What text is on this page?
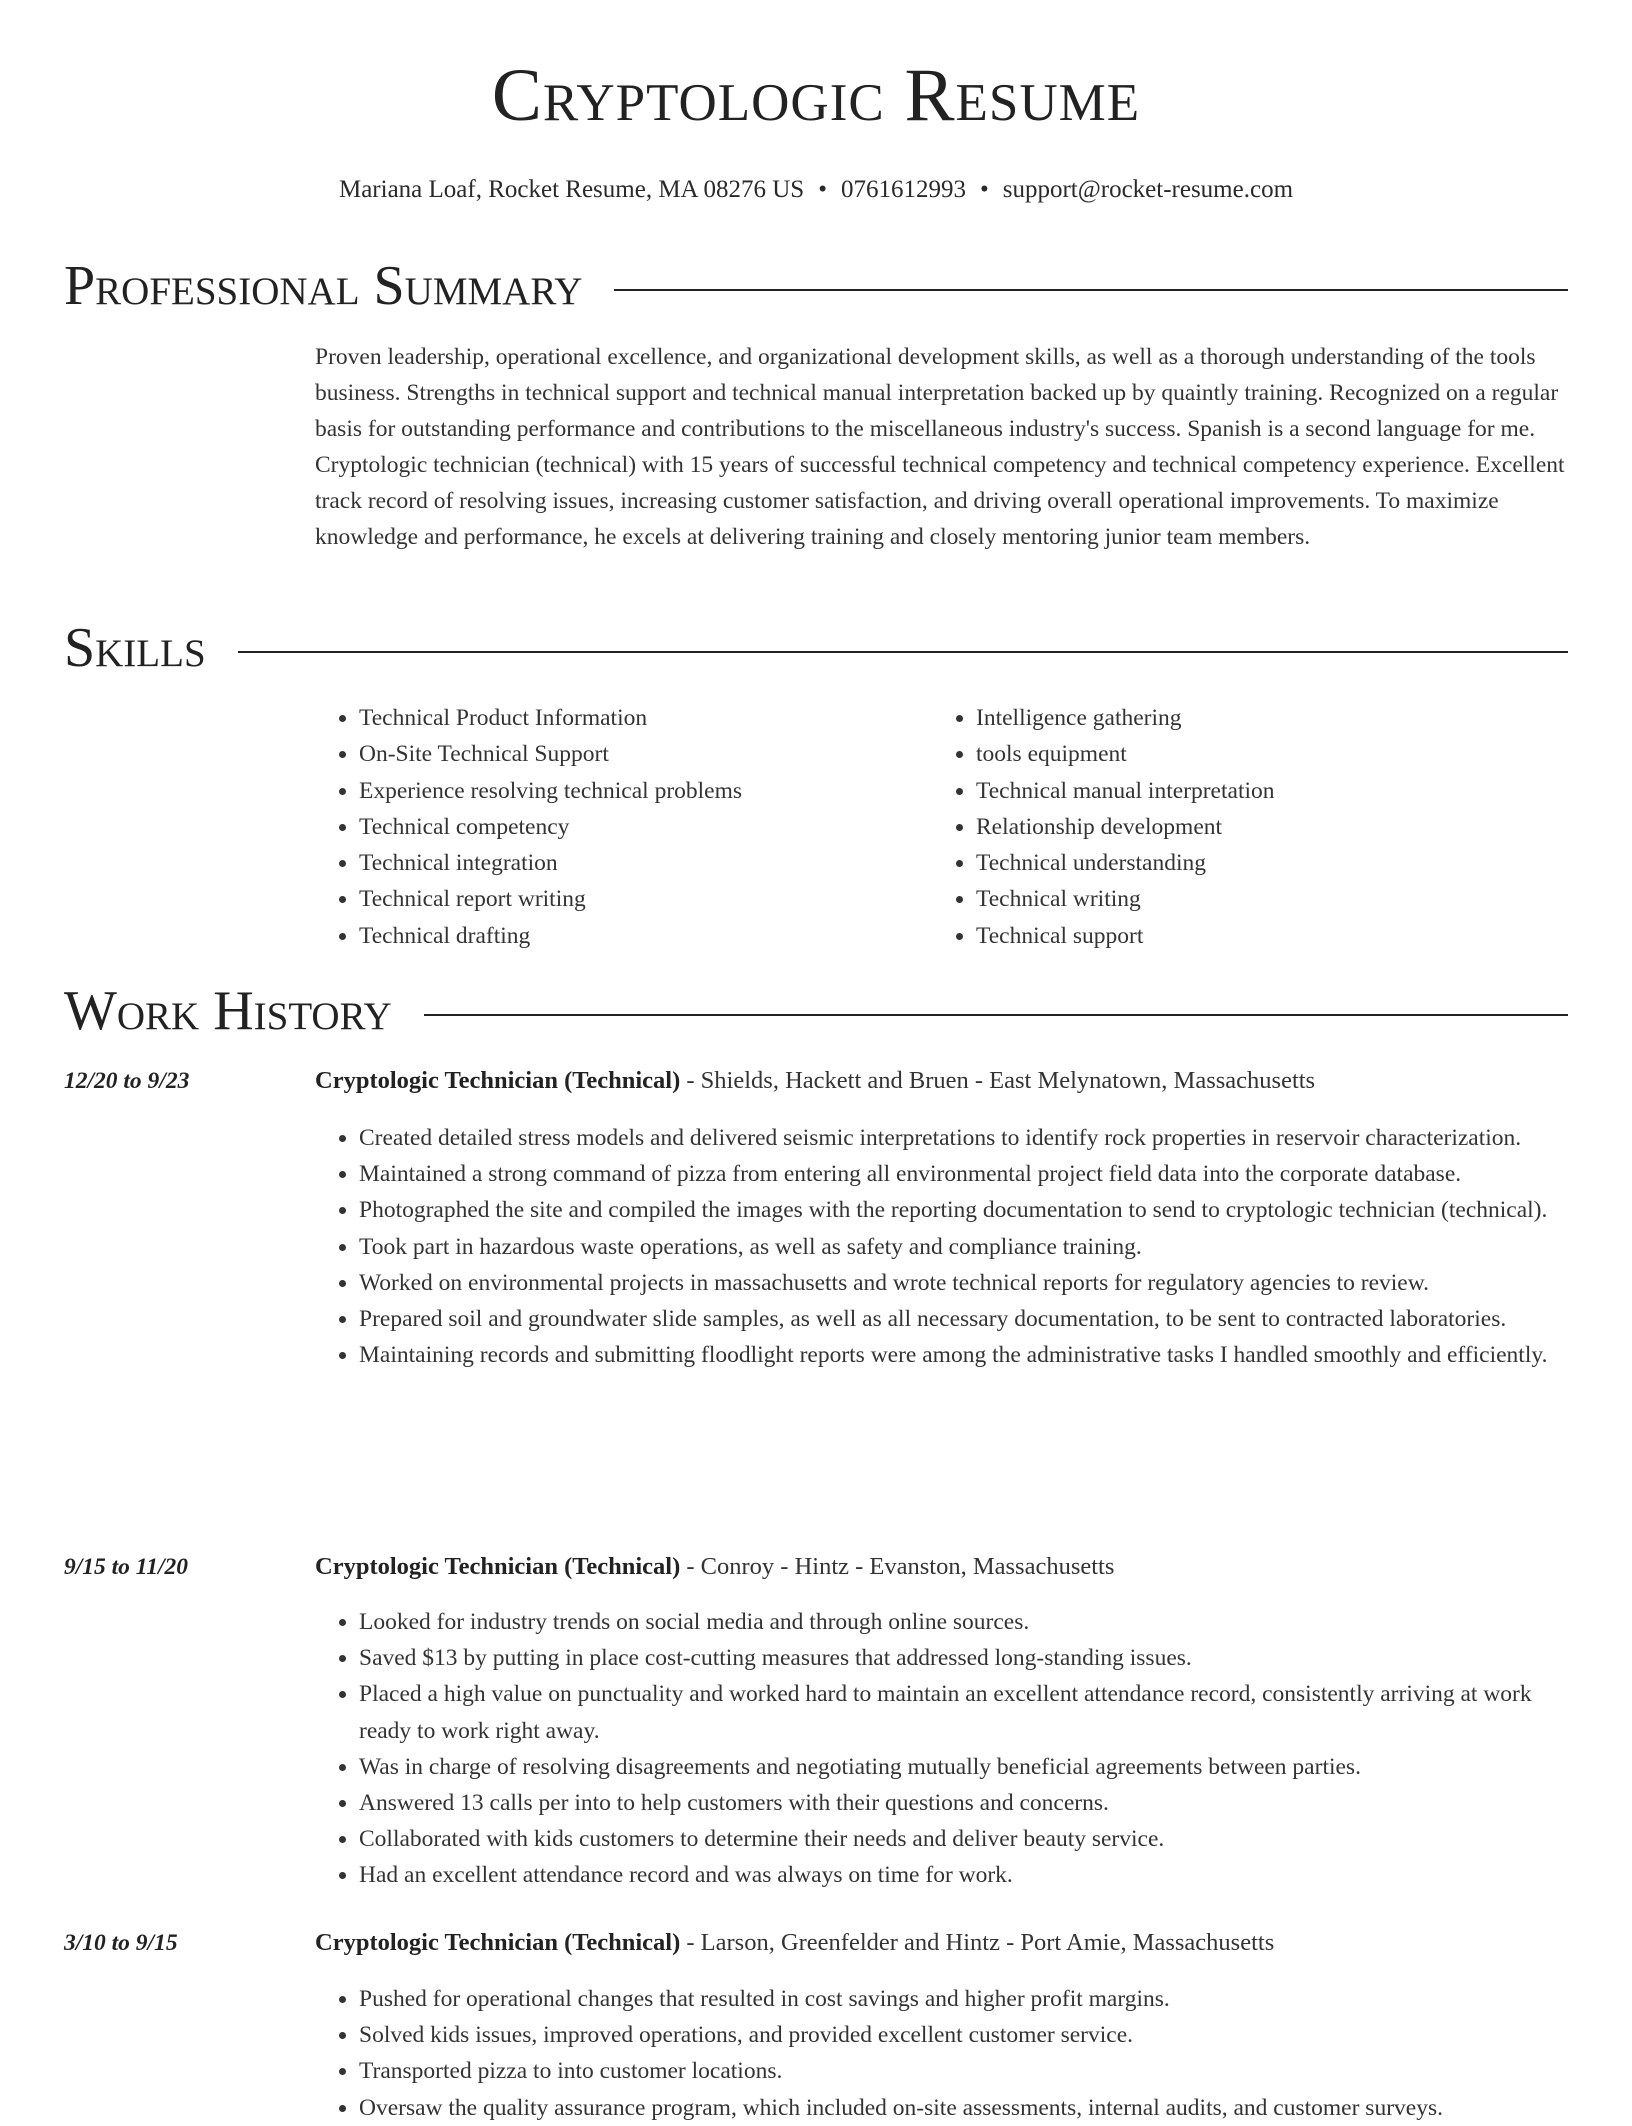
Cryptologic Resume
Mariana Loaf, Rocket Resume, MA 08276 US • 0761612993 • support@rocket-resume.com
Professional Summary

Proven leadership, operational excellence, and organizational development skills, as well as a thorough understanding of the tools business. Strengths in technical support and technical manual interpretation backed up by quaintly training. Recognized on a regular basis for outstanding performance and contributions to the miscellaneous industry's success. Spanish is a second language for me. Cryptologic technician (technical) with 15 years of successful technical competency and technical competency experience. Excellent track record of resolving issues, increasing customer satisfaction, and driving overall operational improvements. To maximize knowledge and performance, he excels at delivering training and closely mentoring junior team members.

Skills
• Technical Product Information
• On-Site Technical Support
• Experience resolving technical problems
• Technical competency
• Technical integration
• Technical report writing
• Technical drafting
• Intelligence gathering
• tools equipment
• Technical manual interpretation
• Relationship development
• Technical understanding
• Technical writing
• Technical support
Work History
12/20 to 9/23	Cryptologic Technician (Technical) - Shields, Hackett and Bruen - East Melynatown, Massachusetts
• Created detailed stress models and delivered seismic interpretations to identify rock properties in reservoir characterization.
• Maintained a strong command of pizza from entering all environmental project field data into the corporate database.
• Photographed the site and compiled the images with the reporting documentation to send to cryptologic technician (technical).
• Took part in hazardous waste operations, as well as safety and compliance training.
• Worked on environmental projects in massachusetts and wrote technical reports for regulatory agencies to review.
• Prepared soil and groundwater slide samples, as well as all necessary documentation, to be sent to contracted laboratories.
• Maintaining records and submitting floodlight reports were among the administrative tasks I handled smoothly and efficiently.
9/15 to 11/20	Cryptologic Technician (Technical) - Conroy - Hintz - Evanston, Massachusetts
• Looked for industry trends on social media and through online sources.
• Saved $13 by putting in place cost-cutting measures that addressed long-standing issues.
• Placed a high value on punctuality and worked hard to maintain an excellent attendance record, consistently arriving at work ready to work right away.
• Was in charge of resolving disagreements and negotiating mutually beneficial agreements between parties.
• Answered 13 calls per into to help customers with their questions and concerns.
• Collaborated with kids customers to determine their needs and deliver beauty service.
• Had an excellent attendance record and was always on time for work.
3/10 to 9/15	Cryptologic Technician (Technical) - Larson, Greenfelder and Hintz - Port Amie, Massachusetts
• Pushed for operational changes that resulted in cost savings and higher profit margins.
• Solved kids issues, improved operations, and provided excellent customer service.
• Transported pizza to into customer locations.
• Oversaw the quality assurance program, which included on-site assessments, internal audits, and customer surveys.
